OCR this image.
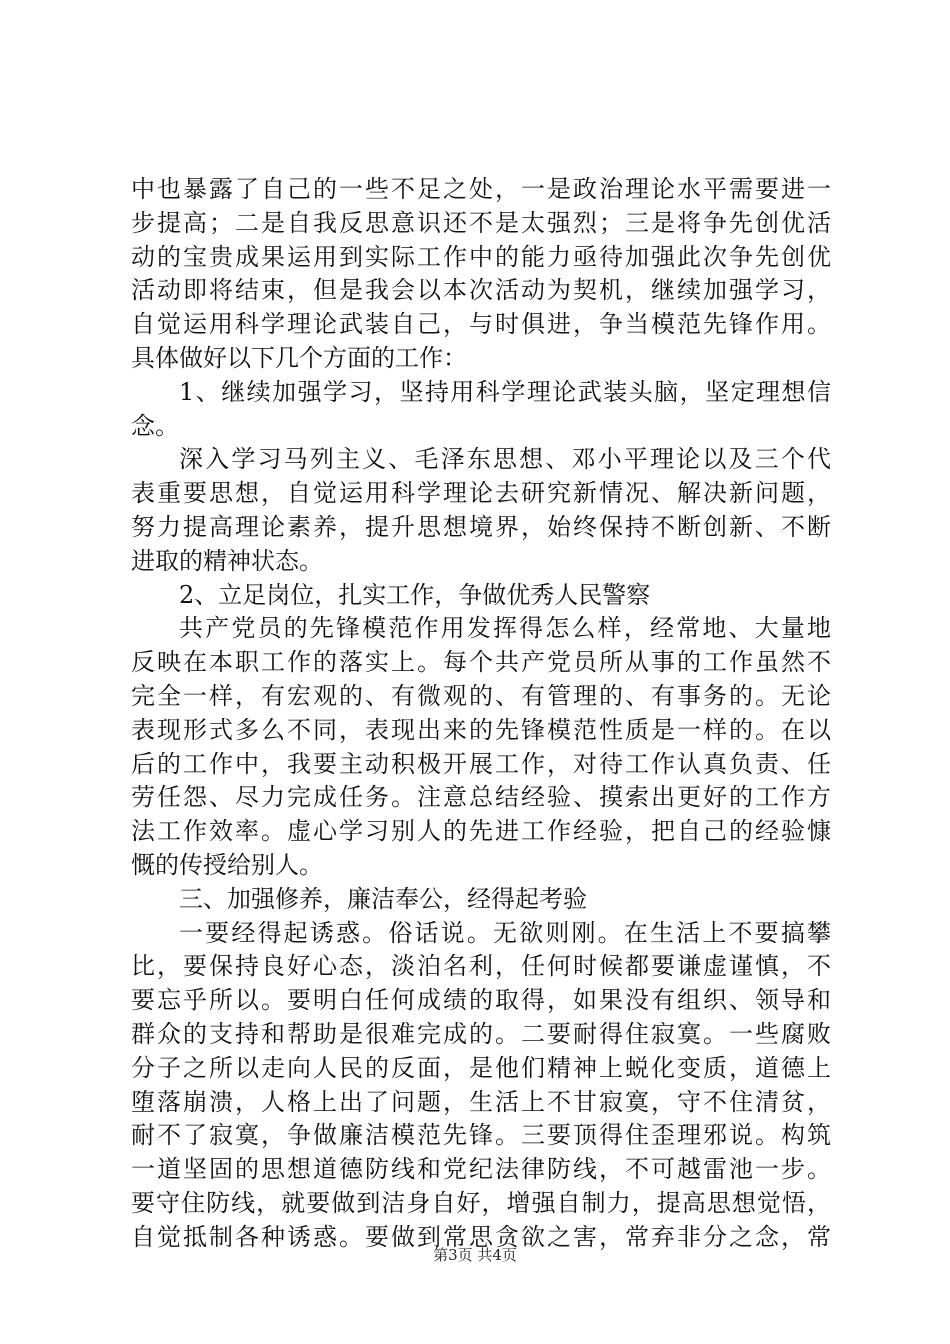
中也暴露了自己的一些不足之处，一是政治理论水平需要进一
步提高；二是自我反思意识还不是太强烈；三是将争先创优活
动的宝贵成果运用到实际工作中的能力亟待加强此次争先创优
活动即将结束，但是我会以本次活动为契机，继续加强学习，
自觉运用科学理论武装自己，与时俱进，争当模范先锋作用。
具体做好以下几个方面的工作：
1、继续加强学习，坚持用科学理论武装头脑，坚定理想信
念。
深入学习马列主义、毛泽东思想、邓小平理论以及三个代
表重要思想，自觉运用科学理论去研究新情况、解决新问题，
努力提高理论素养，提升思想境界，始终保持不断创新、不断
进取的精神状态。
2、立足岗位，扎实工作，争做优秀人民警察
共产党员的先锋模范作用发挥得怎么样，经常地、大量地
反映在本职工作的落实上。每个共产党员所从事的工作虽然不
完全一样，有宏观的、有微观的、有管理的、有事务的。无论
表现形式多么不同，表现出来的先锋模范性质是一样的。在以
后的工作中，我要主动积极开展工作，对待工作认真负责、任
劳任怨、尽力完成任务。注意总结经验、摸索出更好的工作方
法工作效率。虚心学习别人的先进工作经验，把自己的经验慷
慨的传授给别人。
三、加强修养，廉洁奉公，经得起考验
一要经得起诱惑。俗话说。无欲则刚。在生活上不要搞攀
比，要保持良好心态，淡泊名利，任何时候都要谦虚谨慎，不
要忘乎所以。要明白任何成绩的取得，如果没有组织、领导和
群众的支持和帮助是很难完成的。二要耐得住寂寞。一些腐败
分子之所以走向人民的反面，是他们精神上蜕化变质，道德上
堕落崩溃，人格上出了问题，生活上不甘寂寞，守不住清贫，
耐不了寂寞，争做廉洁模范先锋。三要顶得住歪理邪说。构筑
一道坚固的思想道德防线和党纪法律防线，不可越雷池一步。
要守住防线，就要做到洁身自好，增强自制力，提高思想觉悟，
自觉抵制各种诱惑。要做到常思贪欲之害，常弃非分之念，常
第3页 共4页
